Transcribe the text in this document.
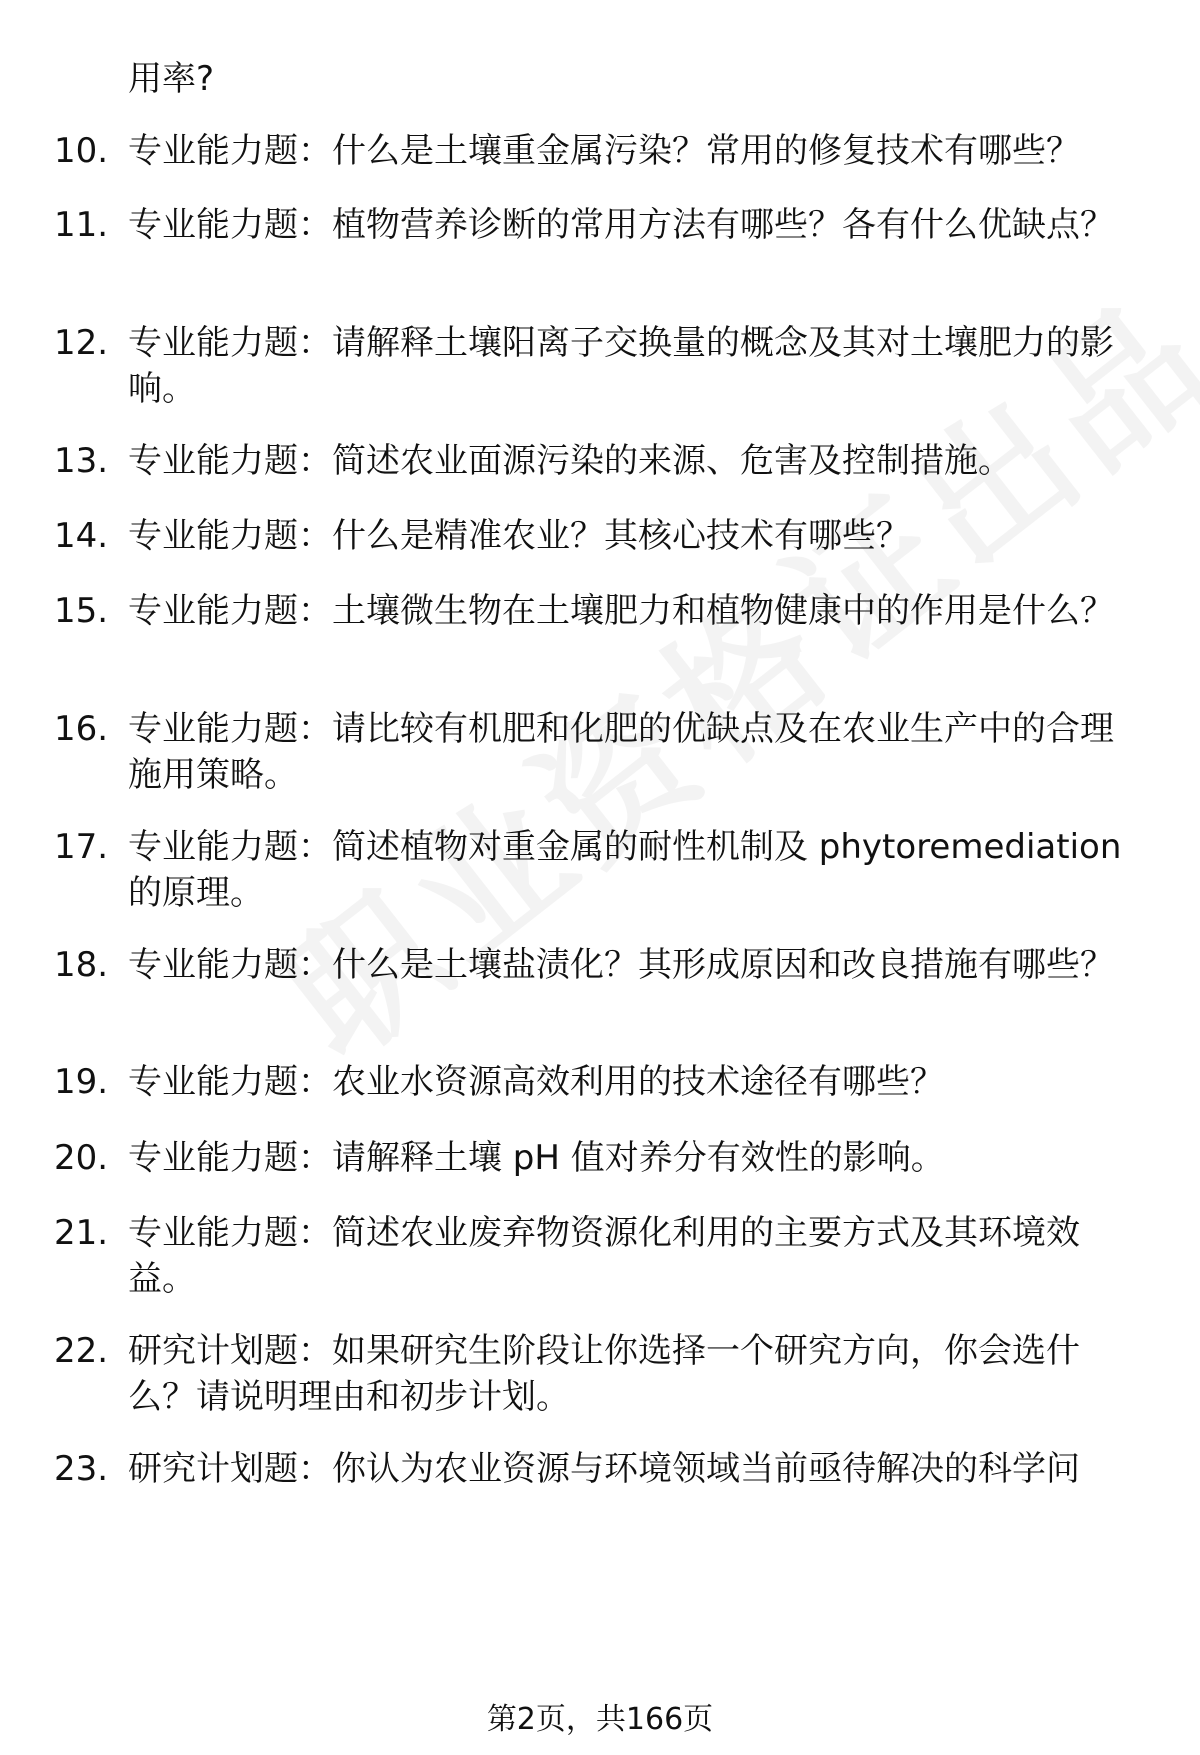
用率?
10. 专业能力题：什么是土壤重金属污染？常用的修复技术有哪些？
11. 专业能力题：植物营养诊断的常用方法有哪些？各有什么优缺点？
12. 专业能力题：请解释土壤阳离子交换量的概念及其对土壤肥力的影响。
13. 专业能力题：简述农业面源污染的来源、危害及控制措施。
14. 专业能力题：什么是精准农业？其核心技术有哪些？
15. 专业能力题：土壤微生物在土壤肥力和植物健康中的作用是什么？
16. 专业能力题：请比较有机肥和化肥的优缺点及在农业生产中的合理施用策略。
17. 专业能力题：简述植物对重金属的耐性机制及 phytoremediation 的原理。
18. 专业能力题：什么是土壤盐渍化？其形成原因和改良措施有哪些？
19. 专业能力题：农业水资源高效利用的技术途径有哪些？
20. 专业能力题：请解释土壤 pH 值对养分有效性的影响。
21. 专业能力题：简述农业废弃物资源化利用的主要方式及其环境效益。
22. 研究计划题：如果研究生阶段让你选择一个研究方向，你会选什么？请说明理由和初步计划。
23. 研究计划题：你认为农业资源与环境领域当前亟待解决的科学问
第2页，共166页
